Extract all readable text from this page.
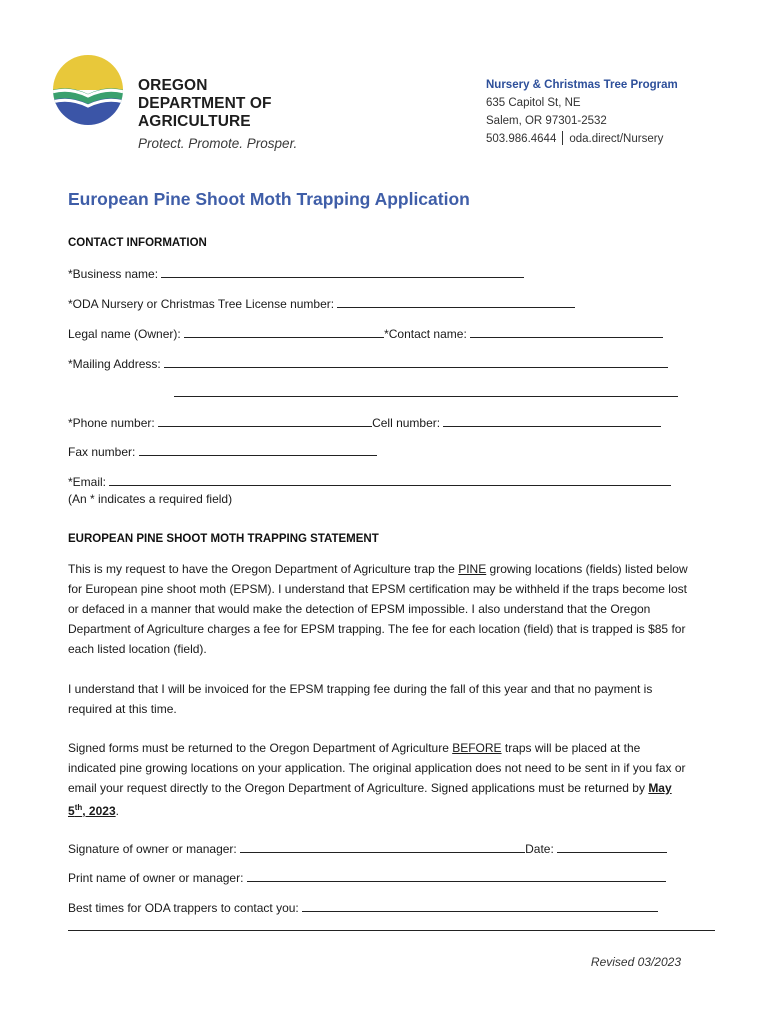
OREGON
DEPARTMENT OF
AGRICULTURE
Protect. Promote. Prosper.
Nursery & Christmas Tree Program
635 Capitol St, NE
Salem, OR 97301-2532
503.986.4644 oda.direct/Nursery
European Pine Shoot Moth Trapping Application
CONTACT INFORMATION
*Business name:
*ODA Nursery or Christmas Tree License number:
Legal name (Owner):	*Contact name:
*Mailing Address:
*Phone number:	Cell number:
Fax number:
*Email:
(An * indicates a required field)
EUROPEAN PINE SHOOT MOTH TRAPPING STATEMENT
This is my request to have the Oregon Department of Agriculture trap the PINE growing locations (fields) listed below for European pine shoot moth (EPSM). I understand that EPSM certification may be withheld if the traps become lost or defaced in a manner that would make the detection of EPSM impossible. I also understand that the Oregon Department of Agriculture charges a fee for EPSM trapping. The fee for each location (field) that is trapped is $85 for each listed location (field).
I understand that I will be invoiced for the EPSM trapping fee during the fall of this year and that no payment is required at this time.
Signed forms must be returned to the Oregon Department of Agriculture BEFORE traps will be placed at the indicated pine growing locations on your application. The original application does not need to be sent in if you fax or email your request directly to the Oregon Department of Agriculture. Signed applications must be returned by May 5th, 2023.
Signature of owner or manager:	Date:
Print name of owner or manager:
Best times for ODA trappers to contact you:
Revised 03/2023
